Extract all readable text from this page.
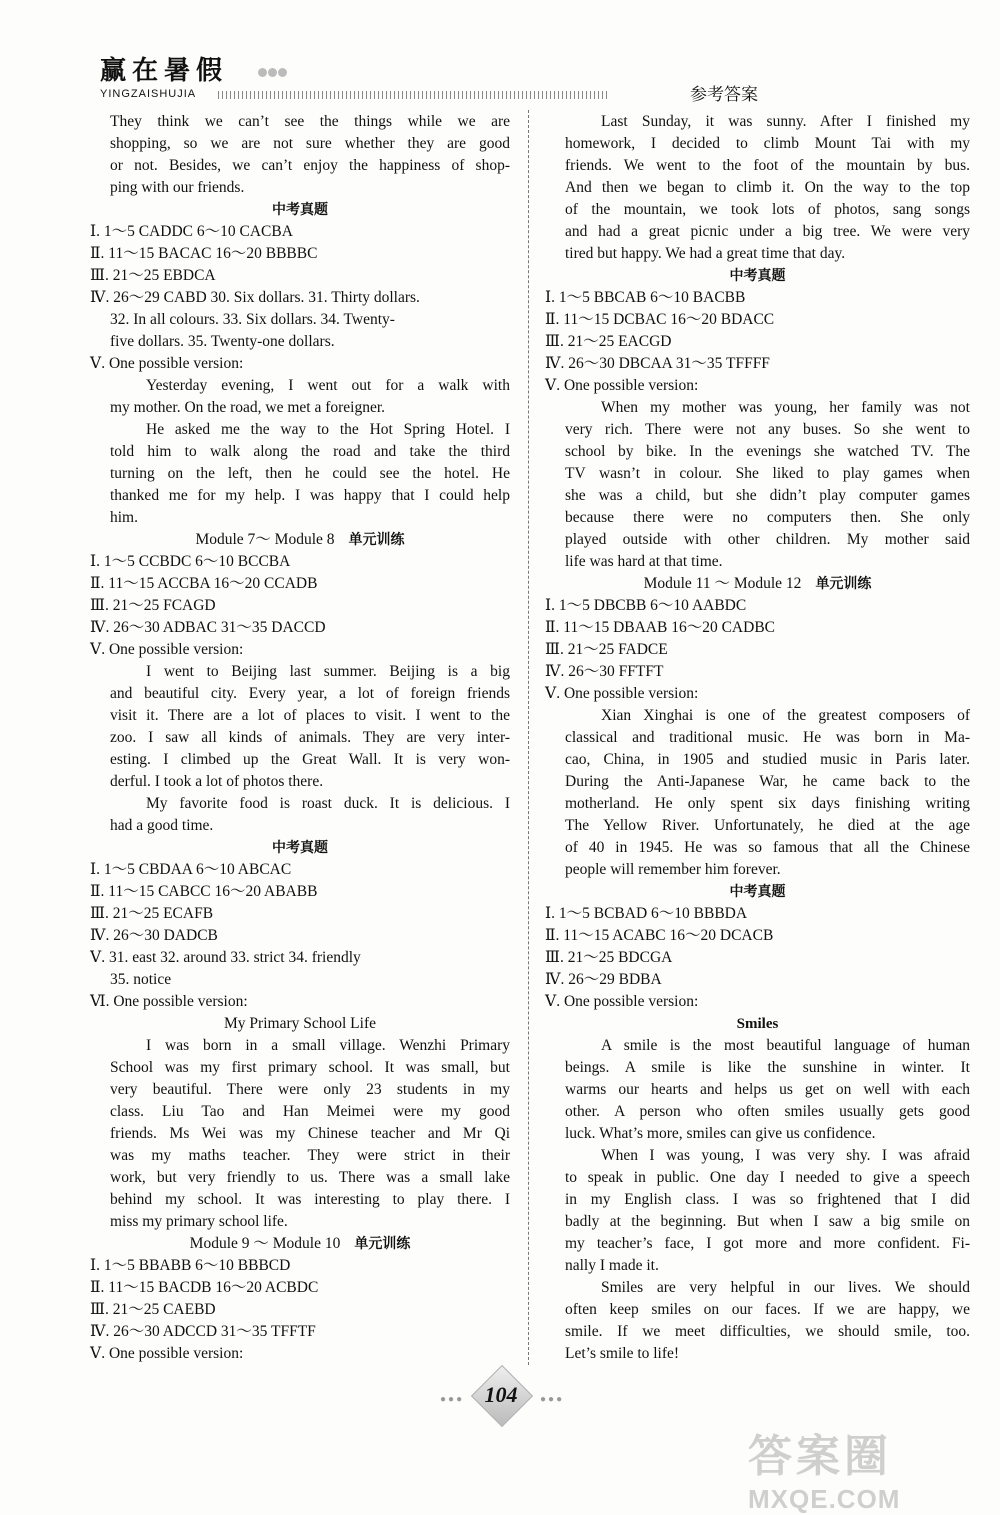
赢在暑假
YINGZAISHUJIA	参考答案
They think we can’t see the things while we are
shopping, so we are not sure whether they are good
or not. Besides, we can’t enjoy the happiness of shop-
ping with our friends.
中考真题
Ⅰ. 1～5 CADDC 6～10 CACBA
Ⅱ. 11～15 BACAC 16～20 BBBBC
Ⅲ. 21～25 EBDCA
Ⅳ. 26～29 CABD 30. Six dollars. 31. Thirty dollars.
32. In all colours. 33. Six dollars. 34. Twenty-
five dollars. 35. Twenty-one dollars.
Ⅴ. One possible version:
Yesterday evening, I went out for a walk with
my mother. On the road, we met a foreigner.
He asked me the way to the Hot Spring Hotel. I
told him to walk along the road and take the third
turning on the left, then he could see the hotel. He
thanked me for my help. I was happy that I could help
him.
Module 7～ Module 8 单元训练
Ⅰ. 1～5 CCBDC 6～10 BCCBA
Ⅱ. 11～15 ACCBA 16～20 CCADB
Ⅲ. 21～25 FCAGD
Ⅳ. 26～30 ADBAC 31～35 DACCD
Ⅴ. One possible version:
I went to Beijing last summer. Beijing is a big
and beautiful city. Every year, a lot of foreign friends
visit it. There are a lot of places to visit. I went to the
zoo. I saw all kinds of animals. They are very inter-
esting. I climbed up the Great Wall. It is very won-
derful. I took a lot of photos there.
My favorite food is roast duck. It is delicious. I
had a good time.
中考真题
Ⅰ. 1～5 CBDAA 6～10 ABCAC
Ⅱ. 11～15 CABCC 16～20 ABABB
Ⅲ. 21～25 ECAFB
Ⅳ. 26～30 DADCB
Ⅴ. 31. east 32. around 33. strict 34. friendly
35. notice
Ⅵ. One possible version:
My Primary School Life
I was born in a small village. Wenzhi Primary
School was my first primary school. It was small, but
very beautiful. There were only 23 students in my
class. Liu Tao and Han Meimei were my good
friends. Ms Wei was my Chinese teacher and Mr Qi
was my maths teacher. They were strict in their
work, but very friendly to us. There was a small lake
behind my school. It was interesting to play there. I
miss my primary school life.
Module 9 ～ Module 10 单元训练
Ⅰ. 1～5 BBABB 6～10 BBBCD
Ⅱ. 11～15 BACDB 16～20 ACBDC
Ⅲ. 21～25 CAEBD
Ⅳ. 26～30 ADCCD 31～35 TFFTF
Ⅴ. One possible version:
Last Sunday, it was sunny. After I finished my
homework, I decided to climb Mount Tai with my
friends. We went to the foot of the mountain by bus.
And then we began to climb it. On the way to the top
of the mountain, we took lots of photos, sang songs
and had a great picnic under a big tree. We were very
tired but happy. We had a great time that day.
中考真题
Ⅰ. 1～5 BBCAB 6～10 BACBB
Ⅱ. 11～15 DCBAC 16～20 BDACC
Ⅲ. 21～25 EACGD
Ⅳ. 26～30 DBCAA 31～35 TFFFF
Ⅴ. One possible version:
When my mother was young, her family was not
very rich. There were not any buses. So she went to
school by bike. In the evenings she watched TV. The
TV wasn’t in colour. She liked to play games when
she was a child, but she didn’t play computer games
because there were no computers then. She only
played outside with other children. My mother said
life was hard at that time.
Module 11 ～ Module 12 单元训练
Ⅰ. 1～5 DBCBB 6～10 AABDC
Ⅱ. 11～15 DBAAB 16～20 CADBC
Ⅲ. 21～25 FADCE
Ⅳ. 26～30 FFTFT
Ⅴ. One possible version:
Xian Xinghai is one of the greatest composers of
classical and traditional music. He was born in Ma-
cao, China, in 1905 and studied music in Paris later.
During the Anti-Japanese War, he came back to the
motherland. He only spent six days finishing writing
The Yellow River. Unfortunately, he died at the age
of 40 in 1945. He was so famous that all the Chinese
people will remember him forever.
中考真题
Ⅰ. 1～5 BCBAD 6～10 BBBDA
Ⅱ. 11～15 ACABC 16～20 DCACB
Ⅲ. 21～25 BDCGA
Ⅳ. 26～29 BDBA
Ⅴ. One possible version:
Smiles
A smile is the most beautiful language of human
beings. A smile is like the sunshine in winter. It
warms our hearts and helps us get on well with each
other. A person who often smiles usually gets good
luck. What’s more, smiles can give us confidence.
When I was young, I was very shy. I was afraid
to speak in public. One day I needed to give a speech
in my English class. I was so frightened that I did
badly at the beginning. But when I saw a big smile on
my teacher’s face, I got more and more confident. Fi-
nally I made it.
Smiles are very helpful in our lives. We should
often keep smiles on our faces. If we are happy, we
smile. If we meet difficulties, we should smile, too.
Let’s smile to life!
●●● 104	●●●
答案圈
MXQE.COM
